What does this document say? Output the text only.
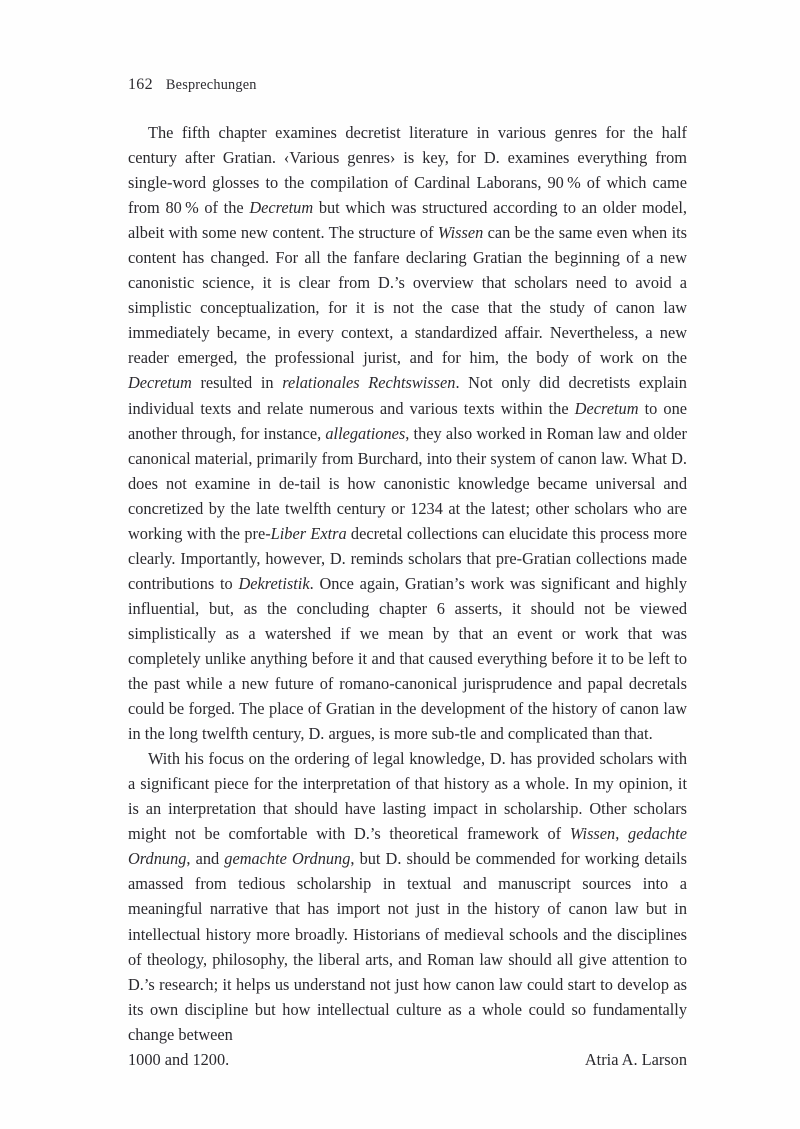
162 Besprechungen

The fifth chapter examines decretist literature in various genres for the half century after Gratian. ‹Various genres› is key, for D. examines everything from single-word glosses to the compilation of Cardinal Laborans, 90 % of which came from 80 % of the Decretum but which was structured according to an older model, albeit with some new content. The structure of Wissen can be the same even when its content has changed. For all the fanfare declaring Gratian the beginning of a new canonistic science, it is clear from D.’s overview that scholars need to avoid a simplistic conceptualization, for it is not the case that the study of canon law immediately became, in every context, a standardized affair. Nevertheless, a new reader emerged, the professional jurist, and for him, the body of work on the Decretum resulted in relationales Rechtswissen. Not only did decretists explain individual texts and relate numerous and various texts within the Decretum to one another through, for instance, allegationes, they also worked in Roman law and older canonical material, primarily from Burchard, into their system of canon law. What D. does not examine in de-tail is how canonistic knowledge became universal and concretized by the late twelfth century or 1234 at the latest; other scholars who are working with the pre-Liber Extra decretal collections can elucidate this process more clearly. Importantly, however, D. reminds scholars that pre-Gratian collections made contributions to Dekretistik. Once again, Gratian’s work was significant and highly influential, but, as the concluding chapter 6 asserts, it should not be viewed simplistically as a watershed if we mean by that an event or work that was completely unlike anything before it and that caused everything before it to be left to the past while a new future of romano-canonical jurisprudence and papal decretals could be forged. The place of Gratian in the development of the history of canon law in the long twelfth century, D. argues, is more sub-tle and complicated than that.

With his focus on the ordering of legal knowledge, D. has provided scholars with a significant piece for the interpretation of that history as a whole. In my opinion, it is an interpretation that should have lasting impact in scholarship. Other scholars might not be comfortable with D.’s theoretical framework of Wissen, gedachte Ordnung, and gemachte Ordnung, but D. should be commended for working details amassed from tedious scholarship in textual and manuscript sources into a meaningful narrative that has import not just in the history of canon law but in intellectual history more broadly. Historians of medieval schools and the disciplines of theology, philosophy, the liberal arts, and Roman law should all give attention to D.’s research; it helps us understand not just how canon law could start to develop as its own discipline but how intellectual culture as a whole could so fundamentally change between

1000 and 1200.	Atria A. Larson
